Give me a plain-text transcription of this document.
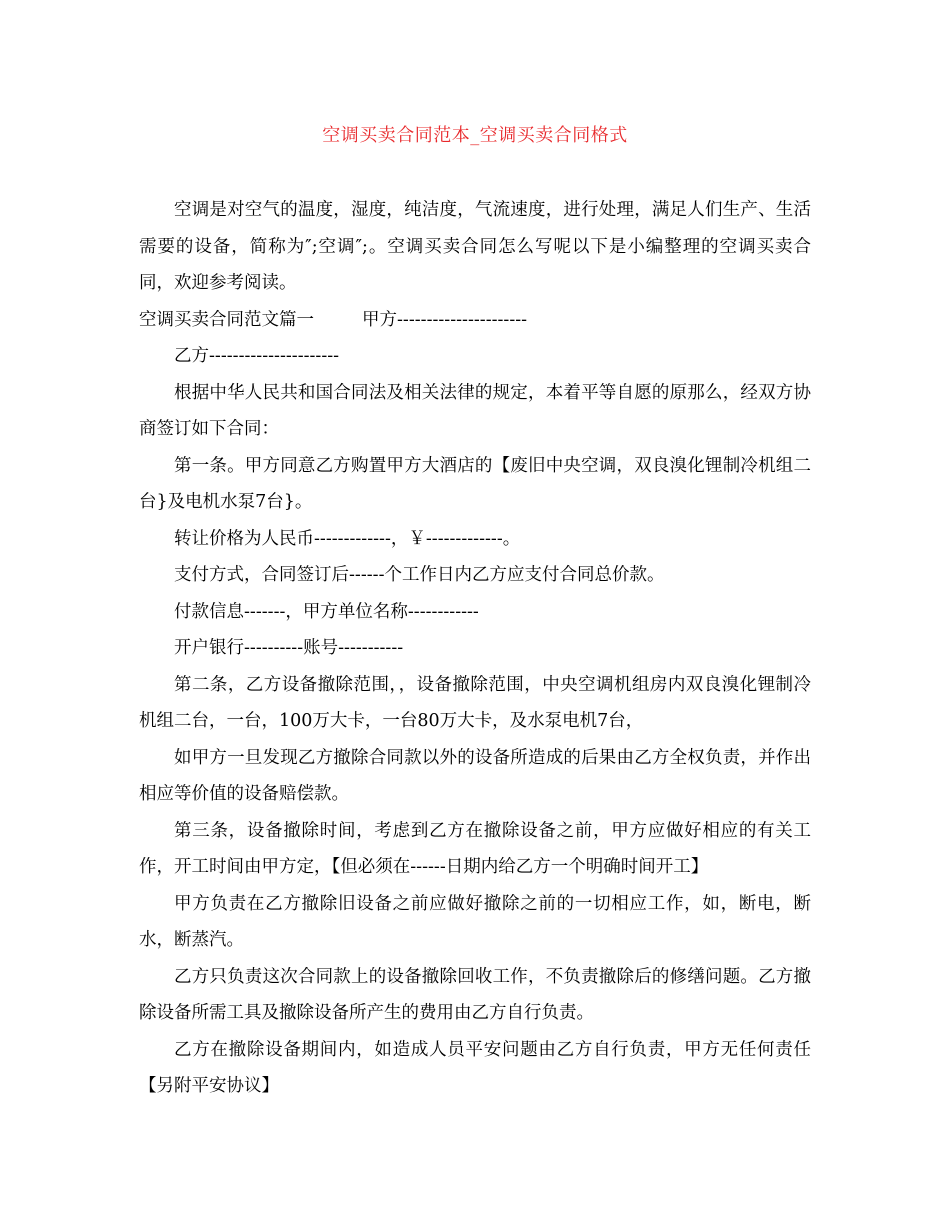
空调买卖合同范本_空调买卖合同格式

空调是对空气的温度，湿度，纯洁度，气流速度，进行处理，满足人们生产、生活需要的设备，简称为″;空调″;。空调买卖合同怎么写呢以下是小编整理的空调买卖合同，欢迎参考阅读。

空调买卖合同范文篇一	甲方----------------------

乙方----------------------

根据中华人民共和国合同法及相关法律的规定，本着平等自愿的原那么，经双方协商签订如下合同：

第一条。甲方同意乙方购置甲方大酒店的【废旧中央空调，双良溴化锂制冷机组二台}及电机水泵7台}。

转让价格为人民币-------------，￥-------------。

支付方式，合同签订后------个工作日内乙方应支付合同总价款。

付款信息-------，甲方单位名称------------

开户银行----------账号-----------

第二条，乙方设备撤除范围，，设备撤除范围，中央空调机组房内双良溴化锂制冷机组二台，一台，100万大卡，一台80万大卡，及水泵电机7台，

如甲方一旦发现乙方撤除合同款以外的设备所造成的后果由乙方全权负责，并作出相应等价值的设备赔偿款。

第三条，设备撤除时间，考虑到乙方在撤除设备之前，甲方应做好相应的有关工作，开工时间由甲方定，【但必须在------日期内给乙方一个明确时间开工】

甲方负责在乙方撤除旧设备之前应做好撤除之前的一切相应工作，如，断电，断水，断蒸汽。

乙方只负责这次合同款上的设备撤除回收工作，不负责撤除后的修缮问题。乙方撤除设备所需工具及撤除设备所产生的费用由乙方自行负责。

乙方在撤除设备期间内，如造成人员平安问题由乙方自行负责，甲方无任何责任【另附平安协议】
